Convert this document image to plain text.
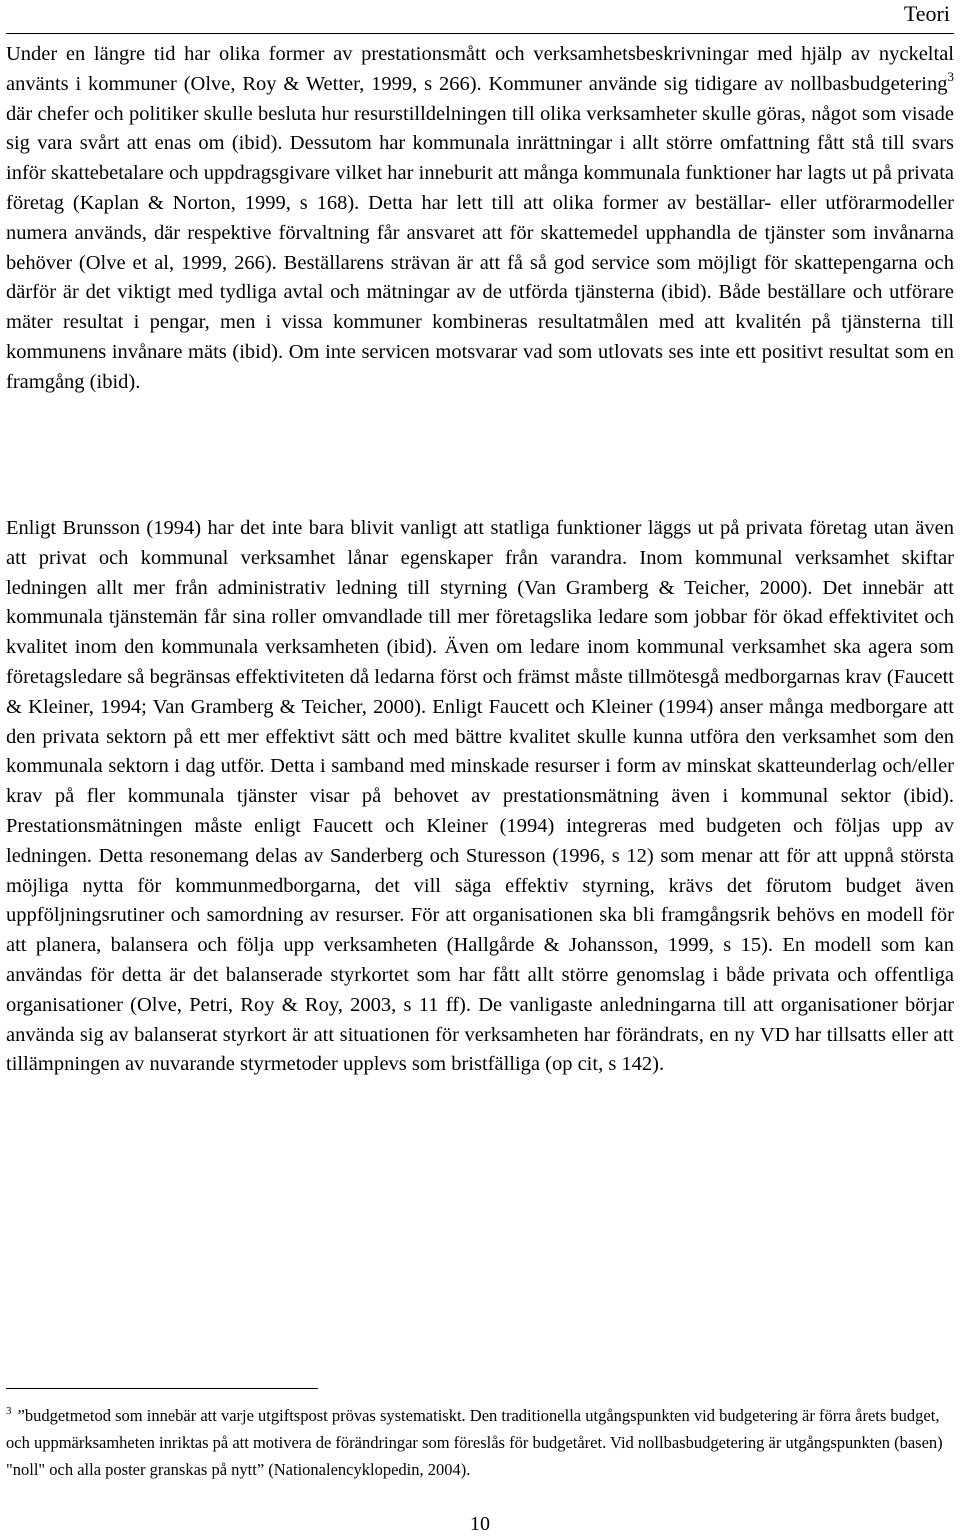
Teori

Under en längre tid har olika former av prestationsmått och verksamhetsbeskrivningar med hjälp av nyckeltal använts i kommuner (Olve, Roy & Wetter, 1999, s 266). Kommuner använde sig tidigare av nollbasbudgetering$^3$ där chefer och politiker skulle besluta hur resurstilldelningen till olika verksamheter skulle göras, något som visade sig vara svårt att enas om (ibid). Dessutom har kommunala inrättningar i allt större omfattning fått stå till svars inför skattebetalare och uppdragsgivare vilket har inneburit att många kommunala funktioner har lagts ut på privata företag (Kaplan & Norton, 1999, s 168). Detta har lett till att olika former av beställar- eller utförarmodeller numera används, där respektive förvaltning får ansvaret att för skattemedel upphandla de tjänster som invånarna behöver (Olve et al, 1999, 266). Beställarens strävan är att få så god service som möjligt för skattepengarna och därför är det viktigt med tydliga avtal och mätningar av de utförda tjänsterna (ibid). Både beställare och utförare mäter resultat i pengar, men i vissa kommuner kombineras resultatmålen med att kvalitén på tjänsterna till kommunens invånare mäts (ibid). Om inte servicen motsvarar vad som utlovats ses inte ett positivt resultat som en framgång (ibid).

Enligt Brunsson (1994) har det inte bara blivit vanligt att statliga funktioner läggs ut på privata företag utan även att privat och kommunal verksamhet lånar egenskaper från varandra. Inom kommunal verksamhet skiftar ledningen allt mer från administrativ ledning till styrning (Van Gramberg & Teicher, 2000). Det innebär att kommunala tjänstemän får sina roller omvandlade till mer företagslika ledare som jobbar för ökad effektivitet och kvalitet inom den kommunala verksamheten (ibid). Även om ledare inom kommunal verksamhet ska agera som företagsledare så begränsas effektiviteten då ledarna först och främst måste tillmötesgå medborgarnas krav (Faucett & Kleiner, 1994; Van Gramberg & Teicher, 2000). Enligt Faucett och Kleiner (1994) anser många medborgare att den privata sektorn på ett mer effektivt sätt och med bättre kvalitet skulle kunna utföra den verksamhet som den kommunala sektorn i dag utför. Detta i samband med minskade resurser i form av minskat skatteunderlag och/eller krav på fler kommunala tjänster visar på behovet av prestationsmätning även i kommunal sektor (ibid). Prestationsmätningen måste enligt Faucett och Kleiner (1994) integreras med budgeten och följas upp av ledningen. Detta resonemang delas av Sanderberg och Sturesson (1996, s 12) som menar att för att uppnå största möjliga nytta för kommunmedborgarna, det vill säga effektiv styrning, krävs det förutom budget även uppföljningsrutiner och samordning av resurser. För att organisationen ska bli framgångsrik behövs en modell för att planera, balansera och följa upp verksamheten (Hallgårde & Johansson, 1999, s 15). En modell som kan användas för detta är det balanserade styrkortet som har fått allt större genomslag i både privata och offentliga organisationer (Olve, Petri, Roy & Roy, 2003, s 11 ff). De vanligaste anledningarna till att organisationer börjar använda sig av balanserat styrkort är att situationen för verksamheten har förändrats, en ny VD har tillsatts eller att tillämpningen av nuvarande styrmetoder upplevs som bristfälliga (op cit, s 142).

$^3$ ”budgetmetod som innebär att varje utgiftspost prövas systematiskt. Den traditionella utgångspunkten vid budgetering är förra årets budget, och uppmärksamheten inriktas på att motivera de förändringar som föreslås för budgetåret. Vid nollbasbudgetering är utgångspunkten (basen) "noll" och alla poster granskas på nytt” (Nationalencyklopedin, 2004).

10
